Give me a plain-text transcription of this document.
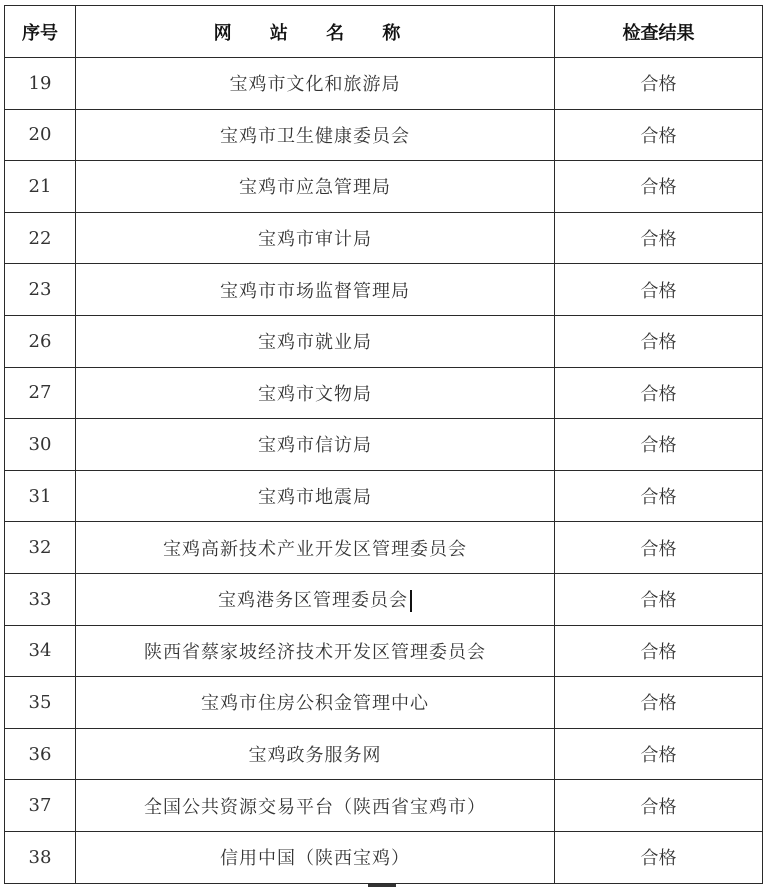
序号	网 站 名 称	检查结果
19	宝鸡市文化和旅游局	合格
20	宝鸡市卫生健康委员会	合格
21	宝鸡市应急管理局	合格
22	宝鸡市审计局	合格
23	宝鸡市市场监督管理局	合格
26	宝鸡市就业局	合格
27	宝鸡市文物局	合格
30	宝鸡市信访局	合格
31	宝鸡市地震局	合格
32	宝鸡高新技术产业开发区管理委员会	合格
33	宝鸡港务区管理委员会	合格
34	陕西省蔡家坡经济技术开发区管理委员会	合格
35	宝鸡市住房公积金管理中心	合格
36	宝鸡政务服务网	合格
37	全国公共资源交易平台（陕西省宝鸡市）	合格
38	信用中国（陕西宝鸡）	合格
